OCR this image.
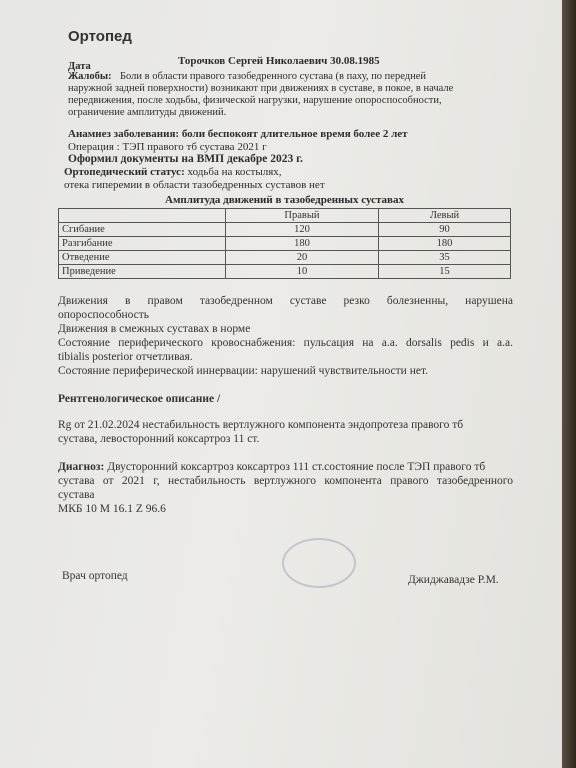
Ортопед
Дата	Торочков Сергей Николаевич 30.08.1985
Жалобы: Боли в области правого тазобедренного сустава (в паху, по передней
наружной задней поверхности) возникают при движениях в суставе, в покое, в начале
передвижения, после ходьбы, физической нагрузки, нарушение опороспособности,
ограничение амплитуды движений.
Анамнез заболевания: боли беспокоят длительное время более 2 лет
Операция : ТЭП правого тб сустава 2021 г
Оформил документы на ВМП декабре 2023 г.
Ортопедический статус: ходьба на костылях,
отека гиперемии в области тазобедренных суставов нет
Амплитуда движений в тазобедренных суставах
	Правый	Левый
Сгибание	120	90
Разгибание	180	180
Отведение	20	35
Приведение	10	15
Движения в правом тазобедренном суставе резко болезненны, нарушена
опороспособность
Движения в смежных суставах в норме
Состояние периферического кровоснабжения: пульсация на a.a. dorsalis pedis и a.a.
tibialis posterior отчетливая.
Состояние периферической иннервации: нарушений чувствительности нет.
Рентгенологическое описание /
Rg от 21.02.2024 нестабильность вертлужного компонента эндопротеза правого тб
сустава, левосторонний коксартроз 11 ст.
Диагноз: Двусторонний коксартроз коксартроз 111 ст.состояние после ТЭП правого тб
сустава от 2021 г, нестабильность вертлужного компонента правого тазобедренного
сустава
МКБ 10 М 16.1 Z 96.6
Врач ортопед	Джиджавадзе Р.М.
